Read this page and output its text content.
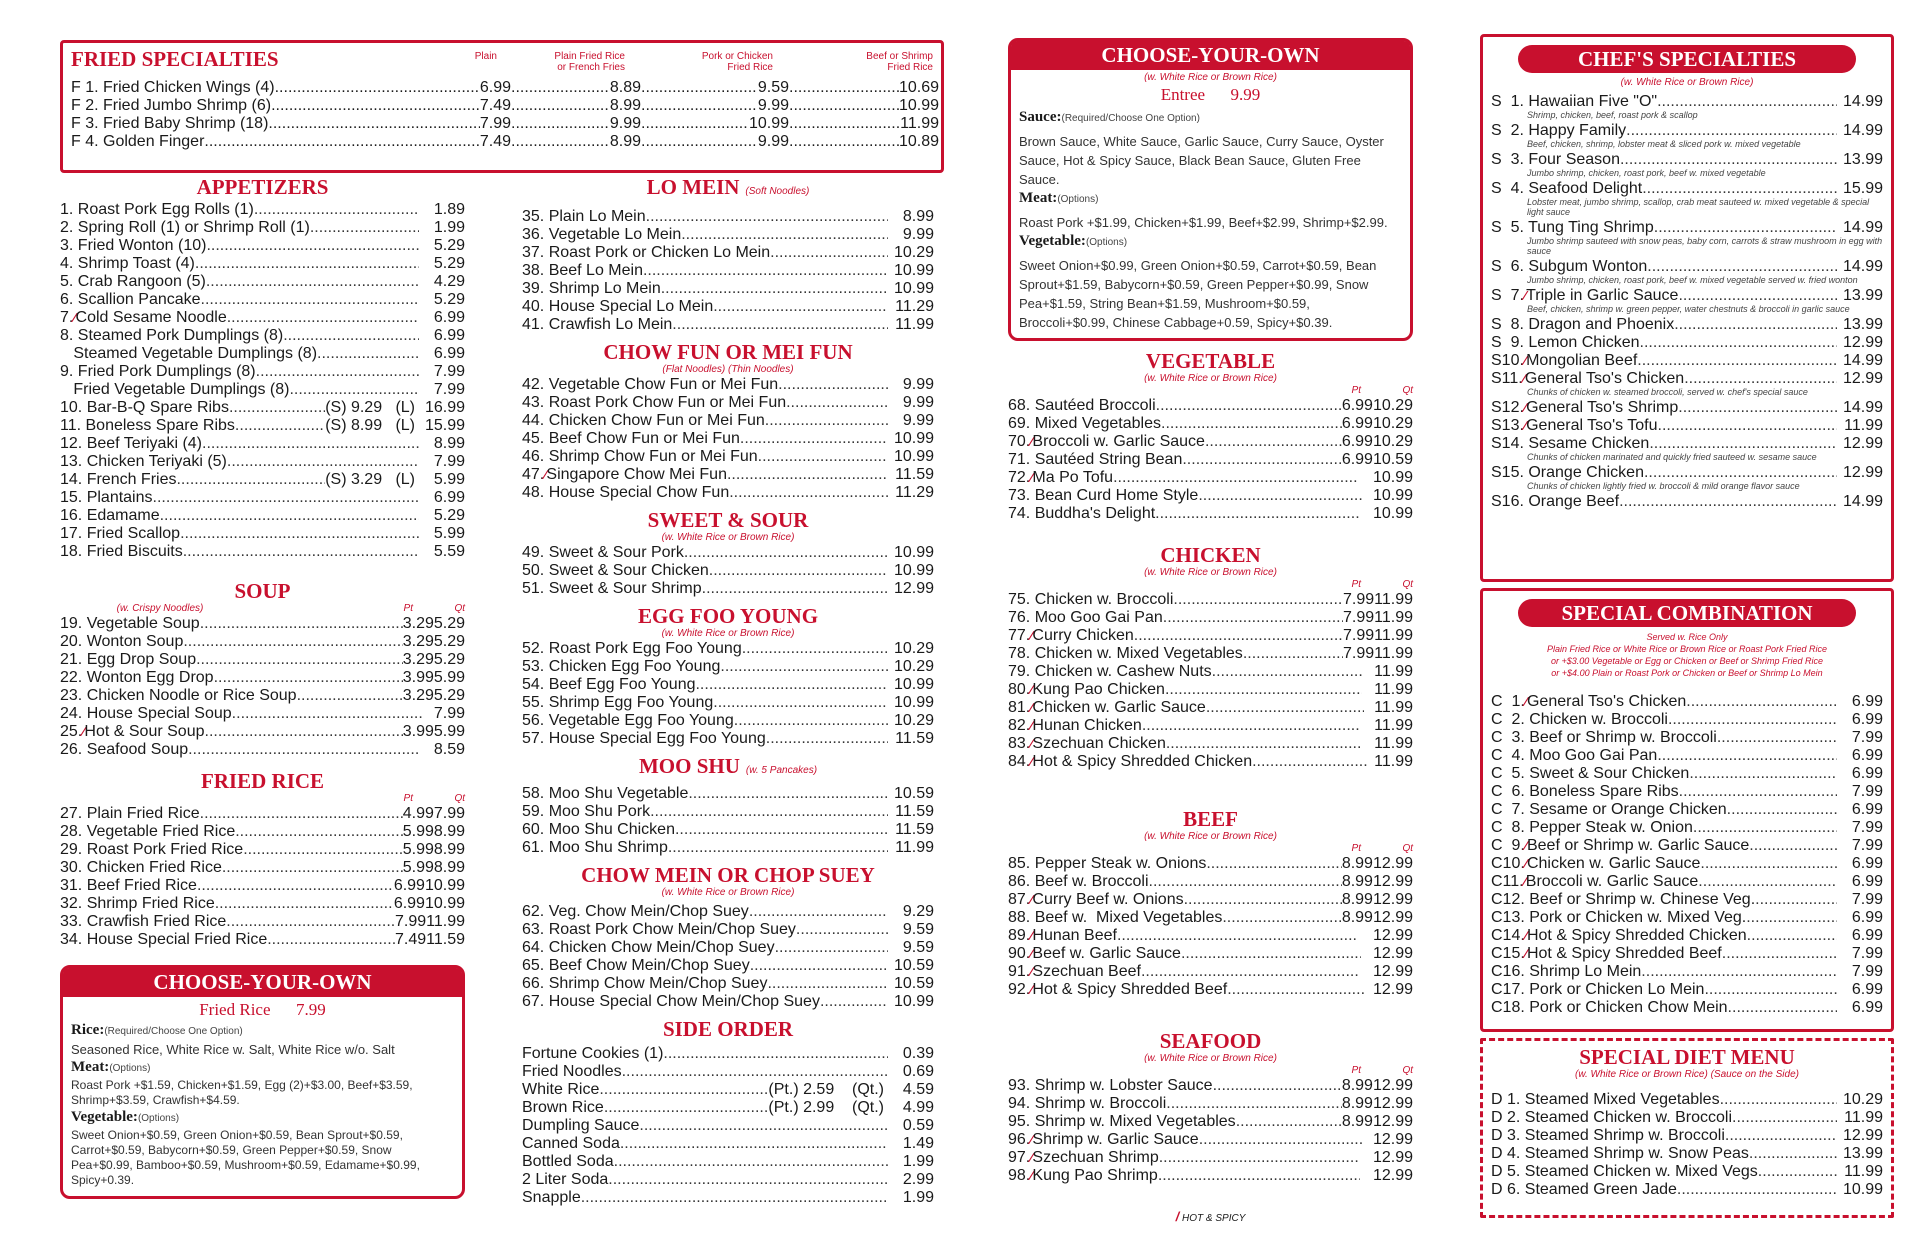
FRIED SPECIALTIES	Plain	Plain Fried Rice
or French Fries
Pork or Chicken
Fried Rice
Beef or Shrimp
Fried Rice
F 1. Fried Chicken Wings (4) .....	6.99 .....	8.89 .....	9.59 .....	10.69
F 2. Fried Jumbo Shrimp (6) .....	7.49 .....	8.99 .....	9.99 .....	10.99
F 3. Fried Baby Shrimp (18) .....	7.99 .....	9.99 .....	10.99 .....	11.99
F 4. Golden Finger .....	7.49 .....	8.99 .....	9.99 .....	10.89
APPETIZERS
1. Roast Pork Egg Rolls (1) .....	1.89
2. Spring Roll (1) or Shrimp Roll (1) .....	1.99
3. Fried Wonton (10) .....	5.29
4. Shrimp Toast (4) .....	5.29
5. Crab Rangoon (5) .....	4.29
6. Scallion Pancake .....	5.29
7.⁄Cold Sesame Noodle .....	6.99
8. Steamed Pork Dumplings (8) .....	6.99
Steamed Vegetable Dumplings (8) .....	6.99
9. Fried Pork Dumplings (8) .....	7.99
Fried Vegetable Dumplings (8) .....	7.99
10. Bar-B-Q Spare Ribs .....	(S) 9.29   (L) 16.99
11. Boneless Spare Ribs .....	(S) 8.99   (L) 15.99
12. Beef Teriyaki (4) .....	8.99
13. Chicken Teriyaki (5) .....	7.99
14. French Fries .....	(S) 3.29   (L)	5.99
15. Plantains .....	6.99
16. Edamame .....	5.29
17. Fried Scallop .....	5.99
18. Fried Biscuits .....	5.59
SOUP
(w. Crispy Noodles)	Pt	Qt
19. Vegetable Soup .....	3.29 5.29
20. Wonton Soup .....	3.29 5.29
21. Egg Drop Soup .....	3.29 5.29
22. Wonton Egg Drop .....	3.99 5.99
23. Chicken Noodle or Rice Soup .....	3.29 5.29
24. House Special Soup .....	7.99
25.⁄Hot & Sour Soup .....	3.99 5.99
26. Seafood Soup .....	8.59
FRIED RICE
Pt	Qt
27. Plain Fried Rice .....	4.99 7.99
28. Vegetable Fried Rice .....	5.99 8.99
29. Roast Pork Fried Rice .....	5.99 8.99
30. Chicken Fried Rice .....	5.99 8.99
31. Beef Fried Rice .....	6.99 10.99
32. Shrimp Fried Rice .....	6.99 10.99
33. Crawfish Fried Rice .....	7.99 11.99
34. House Special Fried Rice .....	7.49 11.59
CHOOSE-YOUR-OWN
Fried Rice      7.99
Rice:(Required/Choose One Option)
Seasoned Rice, White Rice w. Salt, White Rice w/o. Salt
Meat:(Options)
Roast Pork +$1.59, Chicken+$1.59, Egg (2)+$3.00, Beef+$3.59, Shrimp+$3.59, Crawfish+$4.59.
Vegetable:(Options)
Sweet Onion+$0.59, Green Onion+$0.59, Bean Sprout+$0.59, Carrot+$0.59, Babycorn+$0.59, Green Pepper+$0.59, Snow Pea+$0.99, Bamboo+$0.59, Mushroom+$0.59, Edamame+$0.99, Spicy+0.39.
LO MEIN (Soft Noodles)
35. Plain Lo Mein .....	8.99
36. Vegetable Lo Mein .....	9.99
37. Roast Pork or Chicken Lo Mein .....	10.29
38. Beef Lo Mein .....	10.99
39. Shrimp Lo Mein .....	10.99
40. House Special Lo Mein .....	11.29
41. Crawfish Lo Mein .....	11.99
CHOW FUN OR MEI FUN
(Flat Noodles) (Thin Noodles)
42. Vegetable Chow Fun or Mei Fun .....	9.99
43. Roast Pork Chow Fun or Mei Fun .....	9.99
44. Chicken Chow Fun or Mei Fun .....	9.99
45. Beef Chow Fun or Mei Fun .....	10.99
46. Shrimp Chow Fun or Mei Fun .....	10.99
47.⁄Singapore Chow Mei Fun .....	11.59
48. House Special Chow Fun .....	11.29
SWEET & SOUR
(w. White Rice or Brown Rice)
49. Sweet & Sour Pork .....	10.99
50. Sweet & Sour Chicken .....	10.99
51. Sweet & Sour Shrimp .....	12.99
EGG FOO YOUNG
(w. White Rice or Brown Rice)
52. Roast Pork Egg Foo Young .....	10.29
53. Chicken Egg Foo Young .....	10.29
54. Beef Egg Foo Young .....	10.99
55. Shrimp Egg Foo Young .....	10.99
56. Vegetable Egg Foo Young .....	10.29
57. House Special Egg Foo Young .....	11.59
MOO SHU (w. 5 Pancakes)
58. Moo Shu Vegetable .....	10.59
59. Moo Shu Pork .....	11.59
60. Moo Shu Chicken .....	11.59
61. Moo Shu Shrimp .....	11.99
CHOW MEIN OR CHOP SUEY
(w. White Rice or Brown Rice)
62. Veg. Chow Mein/Chop Suey .....	9.29
63. Roast Pork Chow Mein/Chop Suey .....	9.59
64. Chicken Chow Mein/Chop Suey .....	9.59
65. Beef Chow Mein/Chop Suey .....	10.59
66. Shrimp Chow Mein/Chop Suey .....	10.59
67. House Special Chow Mein/Chop Suey .....	10.99
SIDE ORDER
Fortune Cookies (1) .....	0.39
Fried Noodles .....	0.69
White Rice .....	(Pt.) 2.59    (Qt.)	4.59
Brown Rice .....	(Pt.) 2.99    (Qt.)	4.99
Dumpling Sauce .....	0.59
Canned Soda .....	1.49
Bottled Soda .....	1.99
2 Liter Soda .....	2.99
Snapple .....	1.99
CHOOSE-YOUR-OWN
(w. White Rice or Brown Rice)
Entree      9.99
Sauce:(Required/Choose One Option)
Brown Sauce, White Sauce, Garlic Sauce, Curry Sauce, Oyster Sauce, Hot & Spicy Sauce, Black Bean Sauce, Gluten Free Sauce.
Meat:(Options)
Roast Pork +$1.99, Chicken+$1.99, Beef+$2.99, Shrimp+$2.99.
Vegetable:(Options)
Sweet Onion+$0.99, Green Onion+$0.59, Carrot+$0.59, Bean Sprout+$1.59, Babycorn+$0.59, Green Pepper+$0.99, Snow Pea+$1.59, String Bean+$1.59, Mushroom+$0.59, Broccoli+$0.99, Chinese Cabbage+0.59, Spicy+$0.39.
VEGETABLE
(w. White Rice or Brown Rice)
Pt	Qt
68. Sautéed Broccoli .....	6.99 10.29
69. Mixed Vegetables .....	6.99 10.29
70.⁄Broccoli w. Garlic Sauce .....	6.99 10.29
71. Sautéed String Bean .....	6.99 10.59
72.⁄Ma Po Tofu .....	10.99
73. Bean Curd Home Style .....	10.99
74. Buddha's Delight .....	10.99
CHICKEN
(w. White Rice or Brown Rice)
Pt	Qt
75. Chicken w. Broccoli .....	7.99 11.99
76. Moo Goo Gai Pan .....	7.99 11.99
77.⁄Curry Chicken .....	7.99 11.99
78. Chicken w. Mixed Vegetables .....	7.99 11.99
79. Chicken w. Cashew Nuts .....	11.99
80.⁄Kung Pao Chicken .....	11.99
81.⁄Chicken w. Garlic Sauce .....	11.99
82.⁄Hunan Chicken .....	11.99
83.⁄Szechuan Chicken .....	11.99
84.⁄Hot & Spicy Shredded Chicken .....	11.99
BEEF
(w. White Rice or Brown Rice)
Pt	Qt
85. Pepper Steak w. Onions .....	8.99 12.99
86. Beef w. Broccoli .....	8.99 12.99
87.⁄Curry Beef w. Onions .....	8.99 12.99
88. Beef w.  Mixed Vegetables .....	8.99 12.99
89.⁄Hunan Beef .....	12.99
90.⁄Beef w. Garlic Sauce .....	12.99
91.⁄Szechuan Beef .....	12.99
92.⁄Hot & Spicy Shredded Beef .....	12.99
SEAFOOD
(w. White Rice or Brown Rice)
Pt	Qt
93. Shrimp w. Lobster Sauce .....	8.99 12.99
94. Shrimp w. Broccoli .....	8.99 12.99
95. Shrimp w. Mixed Vegetables .....	8.99 12.99
96.⁄Shrimp w. Garlic Sauce .....	12.99
97.⁄Szechuan Shrimp .....	12.99
98.⁄Kung Pao Shrimp .....	12.99
/ HOT & SPICY
CHEF'S SPECIALTIES
(w. White Rice or Brown Rice)
S  1. Hawaiian Five "O" .....	14.99
Shrimp, chicken, beef, roast pork & scallop
S  2. Happy Family .....	14.99
Beef, chicken, shrimp, lobster meat & sliced pork w. mixed vegetable
S  3. Four Season .....	13.99
Jumbo shrimp, chicken, roast pork, beef w. mixed vegetable
S  4. Seafood Delight .....	15.99
Lobster meat, jumbo shrimp, scallop, crab meat sauteed w. mixed vegetable & special light sauce
S  5. Tung Ting Shrimp .....	14.99
Jumbo shrimp sauteed with snow peas, baby corn, carrots & straw mushroom in egg with sauce
S  6. Subgum Wonton .....	14.99
Jumbo shrimp, chicken, roast pork, beef w. mixed vegetable served w. fried wonton
S  7.⁄Triple in Garlic Sauce .....	13.99
Beef, chicken, shrimp w. green pepper, water chestnuts & broccoli in garlic sauce
S  8. Dragon and Phoenix .....	13.99
S  9. Lemon Chicken .....	12.99
S10.⁄Mongolian Beef .....	14.99
S11.⁄General Tso's Chicken .....	12.99
Chunks of chicken w. steamed broccoli, served w. chef's special sauce
S12.⁄General Tso's Shrimp .....	14.99
S13.⁄General Tso's Tofu .....	11.99
S14. Sesame Chicken .....	12.99
Chunks of chicken marinated and quickly fried sauteed w. sesame sauce
S15. Orange Chicken .....	12.99
Chunks of chicken lightly fried w. broccoli & mild orange flavor sauce
S16. Orange Beef .....	14.99
SPECIAL COMBINATION
Served w. Rice Only
Plain Fried Rice or White Rice or Brown Rice or Roast Pork Fried Rice
or +$3.00 Vegetable or Egg or Chicken or Beef or Shrimp Fried Rice
or +$4.00 Plain or Roast Pork or Chicken or Beef or Shrimp Lo Mein
C  1.⁄General Tso's Chicken .....	6.99
C  2. Chicken w. Broccoli .....	6.99
C  3. Beef or Shrimp w. Broccoli .....	7.99
C  4. Moo Goo Gai Pan .....	6.99
C  5. Sweet & Sour Chicken .....	6.99
C  6. Boneless Spare Ribs .....	7.99
C  7. Sesame or Orange Chicken .....	6.99
C  8. Pepper Steak w. Onion .....	7.99
C  9.⁄Beef or Shrimp w. Garlic Sauce .....	7.99
C10.⁄Chicken w. Garlic Sauce .....	6.99
C11.⁄Broccoli w. Garlic Sauce .....	6.99
C12. Beef or Shrimp w. Chinese Veg. .....	7.99
C13. Pork or Chicken w. Mixed Veg. .....	6.99
C14.⁄Hot & Spicy Shredded Chicken .....	6.99
C15.⁄Hot & Spicy Shredded Beef .....	7.99
C16. Shrimp Lo Mein .....	7.99
C17. Pork or Chicken Lo Mein .....	6.99
C18. Pork or Chicken Chow Mein .....	6.99
SPECIAL DIET MENU
(w. White Rice or Brown Rice) (Sauce on the Side)
D 1. Steamed Mixed Vegetables .....	10.29
D 2. Steamed Chicken w. Broccoli .....	11.99
D 3. Steamed Shrimp w. Broccoli .....	12.99
D 4. Steamed Shrimp w. Snow Peas .....	13.99
D 5. Steamed Chicken w. Mixed Vegs .....	11.99
D 6. Steamed Green Jade .....	10.99
